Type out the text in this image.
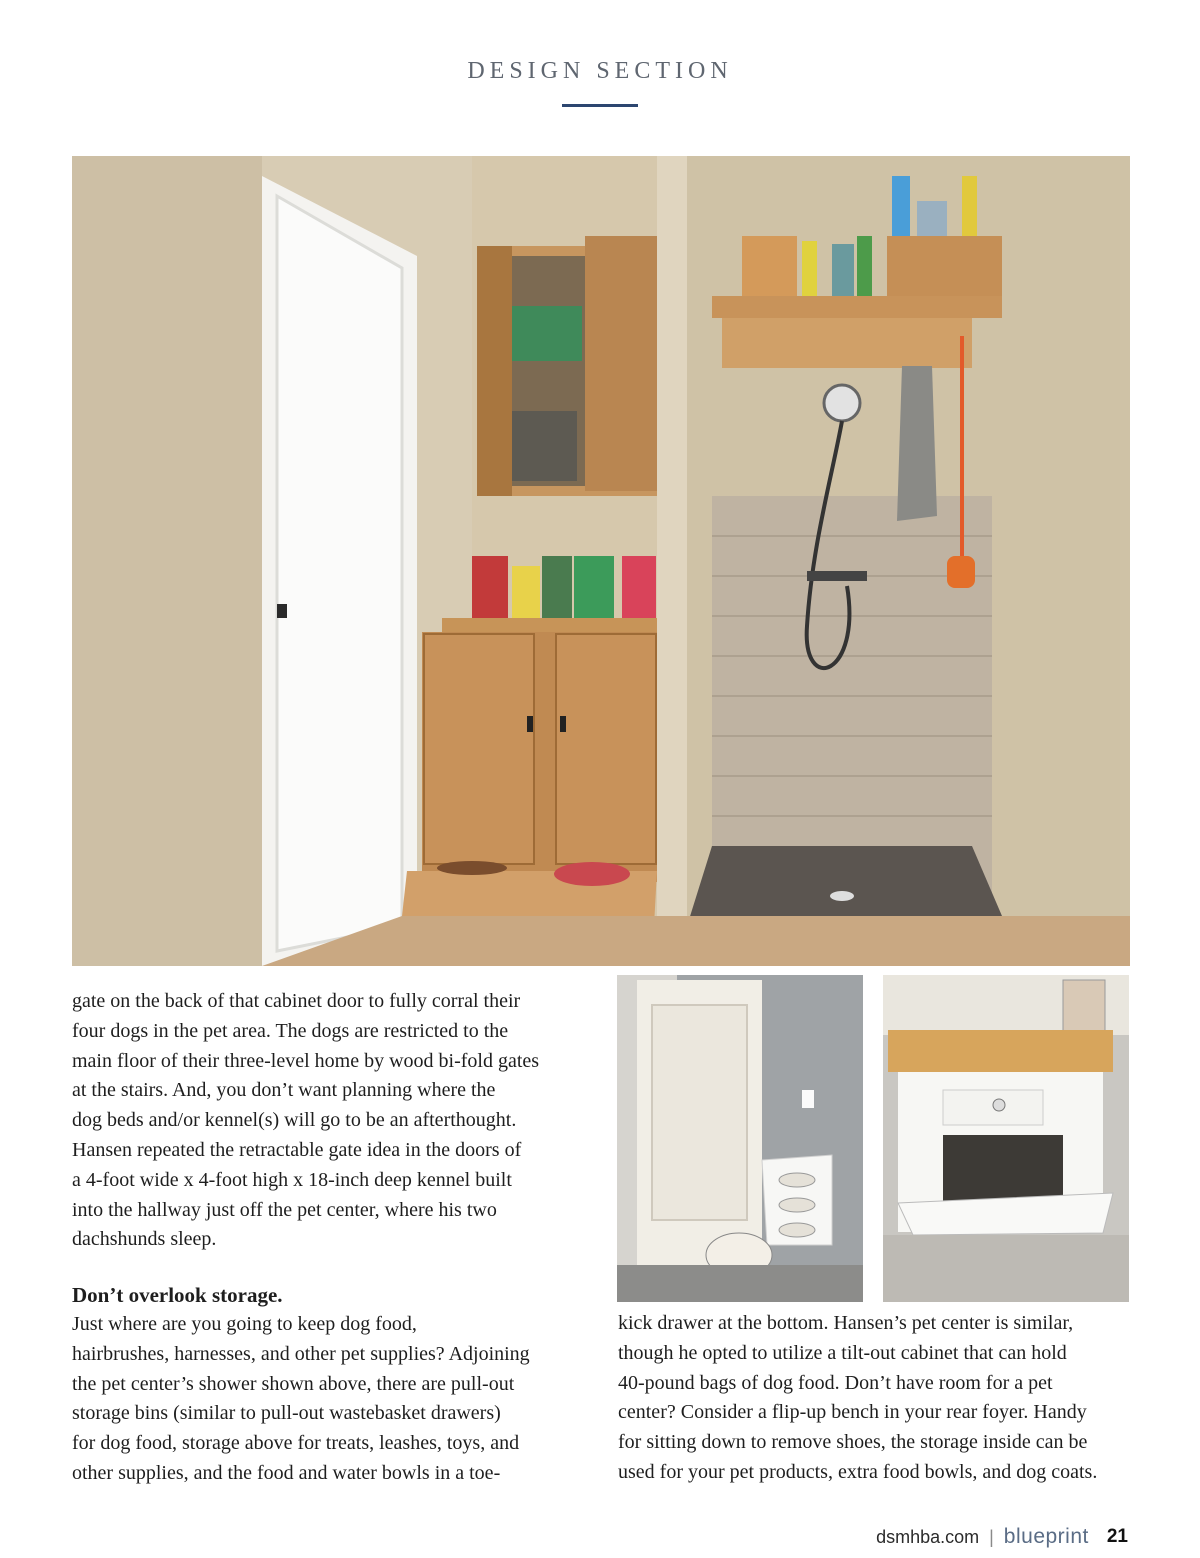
DESIGN SECTION

gate on the back of that cabinet door to fully corral their
four dogs in the pet area. The dogs are restricted to the
main floor of their three-level home by wood bi-fold gates
at the stairs. And, you don’t want planning where the
dog beds and/or kennel(s) will go to be an afterthought.
Hansen repeated the retractable gate idea in the doors of
a 4-foot wide x 4-foot high x 18-inch deep kennel built
into the hallway just off the pet center, where his two
dachshunds sleep.

Don’t overlook storage.

Just where are you going to keep dog food,
hairbrushes, harnesses, and other pet supplies? Adjoining
the pet center’s shower shown above, there are pull-out
storage bins (similar to pull-out wastebasket drawers)
for dog food, storage above for treats, leashes, toys, and
other supplies, and the food and water bowls in a toe-

kick drawer at the bottom. Hansen’s pet center is similar,
though he opted to utilize a tilt-out cabinet that can hold
40-pound bags of dog food. Don’t have room for a pet
center? Consider a flip-up bench in your rear foyer. Handy
for sitting down to remove shoes, the storage inside can be
used for your pet products, extra food bowls, and dog coats.

dsmhba.com | blueprint 21
